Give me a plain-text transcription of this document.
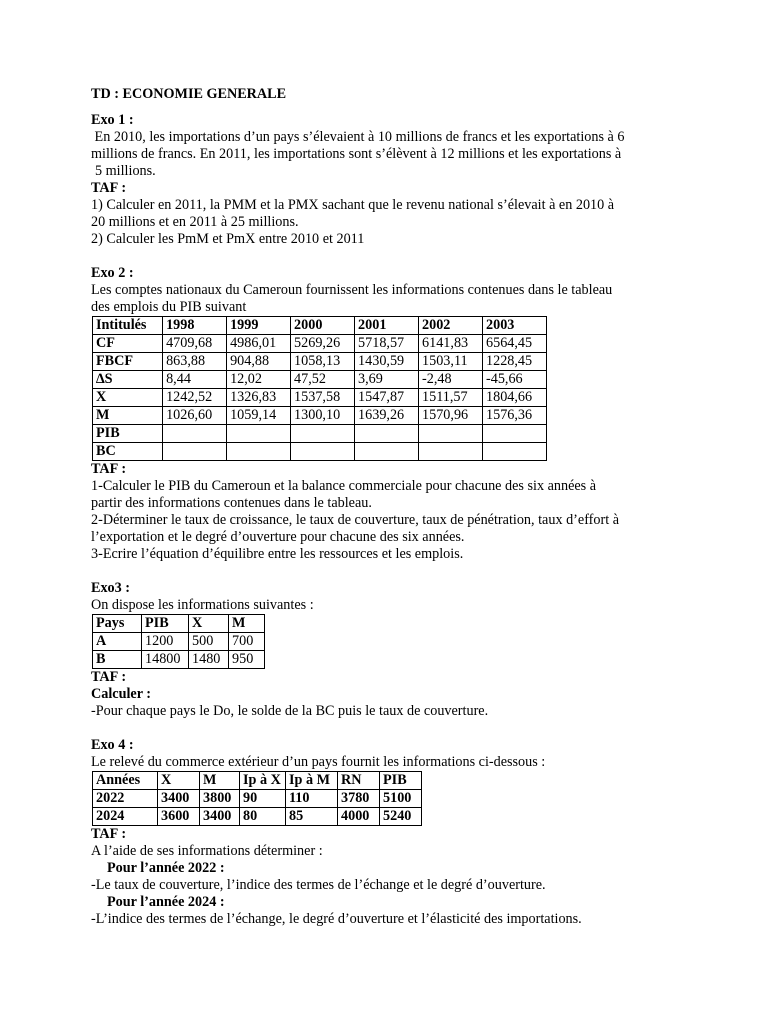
TD : ECONOMIE GENERALE

Exo 1 :

En 2010, les importations d’un pays s’élevaient à 10 millions de francs et les exportations à 6

millions de francs. En 2011, les importations sont s’élèvent à 12 millions et les exportations à

5 millions.

TAF :

1) Calculer en 2011, la PMM et la PMX sachant que le revenu national s’élevait à en 2010 à

20 millions et en 2011 à 25 millions.

2) Calculer les PmM et PmX entre 2010 et 2011

Exo 2 :

Les comptes nationaux du Cameroun fournissent les informations contenues dans le tableau

des emplois du PIB suivant

Intitulés	1998	1999	2000	2001	2002	2003
CF	4709,68	4986,01	5269,26	5718,57	6141,83	6564,45
FBCF	863,88	904,88	1058,13	1430,59	1503,11	1228,45
∆S	8,44	12,02	47,52	3,69	-2,48	-45,66
X	1242,52	1326,83	1537,58	1547,87	1511,57	1804,66
M	1026,60	1059,14	1300,10	1639,26	1570,96	1576,36
PIB						
BC						

TAF :

1-Calculer le PIB du Cameroun et la balance commerciale pour chacune des six années à

partir des informations contenues dans le tableau.

2-Déterminer le taux de croissance, le taux de couverture, taux de pénétration, taux d’effort à

l’exportation et le degré d’ouverture pour chacune des six années.

3-Ecrire l’équation d’équilibre entre les ressources et les emplois.

Exo3 :

On dispose les informations suivantes :

Pays	PIB	X	M
A	1200	500	700
B	14800	1480	950

TAF :

Calculer :

-Pour chaque pays le Do, le solde de la BC puis le taux de couverture.

Exo 4 :

Le relevé du commerce extérieur d’un pays fournit les informations ci-dessous :

Années	X	M	Ip à X	Ip à M	RN	PIB
2022	3400	3800	90	110	3780	5100
2024	3600	3400	80	85	4000	5240

TAF :

A l’aide de ses informations déterminer :

Pour l’année 2022 :

-Le taux de couverture, l’indice des termes de l’échange et le degré d’ouverture.

Pour l’année 2024 :

-L’indice des termes de l’échange, le degré d’ouverture et l’élasticité des importations.
